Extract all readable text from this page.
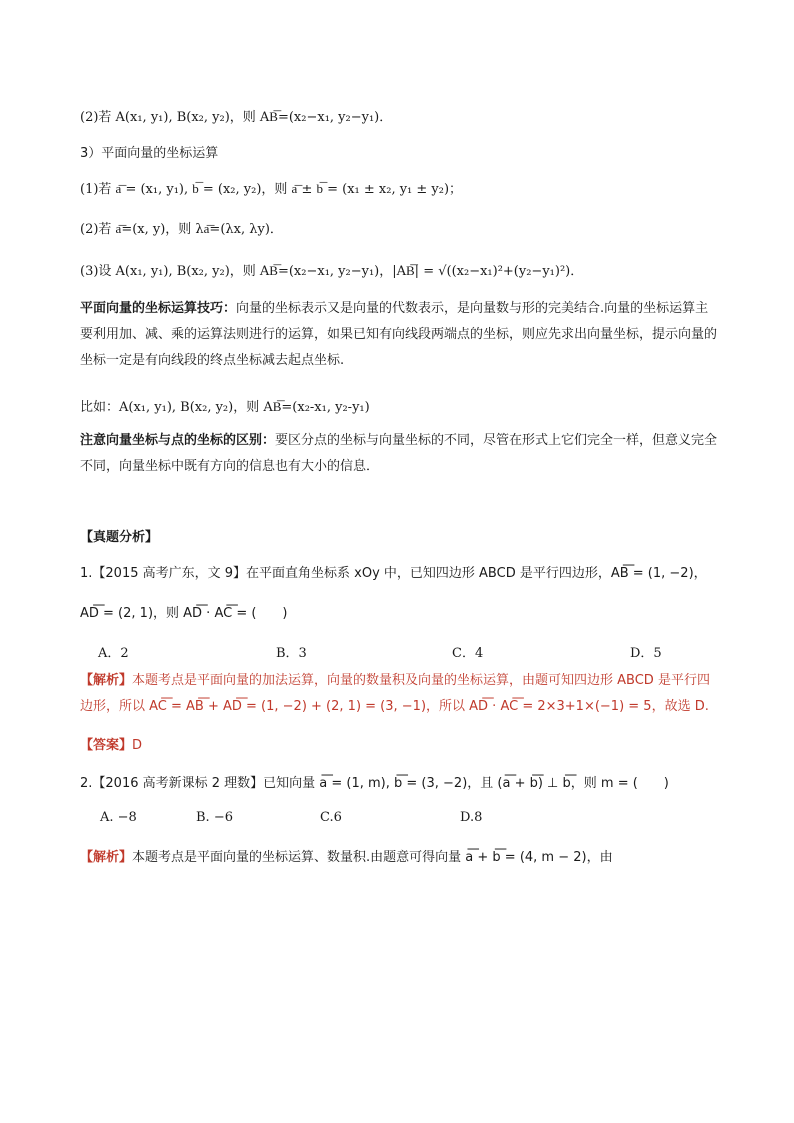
(2)若 A(x₁, y₁), B(x₂, y₂)，则 AB͞=(x₂−x₁, y₂−y₁)．
3）平面向量的坐标运算
(1)若 a͞ = (x₁, y₁), b͞ = (x₂, y₂)，则 a͞ ± b͞ = (x₁ ± x₂, y₁ ± y₂)；
(2)若 a͞=(x, y)，则 λa͞=(λx, λy)．
(3)设 A(x₁, y₁), B(x₂, y₂)，则 AB͞=(x₂−x₁, y₂−y₁)，|AB͞| = √((x₂−x₁)²+(y₂−y₁)²)．
平面向量的坐标运算技巧：向量的坐标表示又是向量的代数表示，是向量数与形的完美结合.向量的坐标运算主要利用加、减、乘的运算法则进行的运算，如果已知有向线段两端点的坐标，则应先求出向量坐标，提示向量的坐标一定是有向线段的终点坐标减去起点坐标.
比如：A(x₁, y₁), B(x₂, y₂)，则 AB͞=(x₂-x₁, y₂-y₁)
注意向量坐标与点的坐标的区别：要区分点的坐标与向量坐标的不同，尽管在形式上它们完全一样，但意义完全不同，向量坐标中既有方向的信息也有大小的信息．
【真题分析】
1.【2015 高考广东，文 9】在平面直角坐标系 xOy 中，已知四边形 ABCD 是平行四边形，AB͞ = (1, −2)，
AD͞ = (2, 1)，则 AD͞ · AC͞ = (　　)
A．2	B．3	C．4	D．5
【解析】本题考点是平面向量的加法运算，向量的数量积及向量的坐标运算，由题可知四边形 ABCD 是平行四边形，所以 AC͞ = AB͞ + AD͞ = (1, −2) + (2, 1) = (3, −1)，所以 AD͞ · AC͞ = 2×3+1×(−1) = 5，故选 D.
【答案】D
2.【2016 高考新课标 2 理数】已知向量 a͞ = (1, m), b͞ = (3, −2)，且 (a͞ + b͞) ⊥ b͞，则 m = (　　)
A. −8	B. −6	C.6	D.8
【解析】本题考点是平面向量的坐标运算、数量积.由题意可得向量 a͞ + b͞ = (4, m − 2)，由
